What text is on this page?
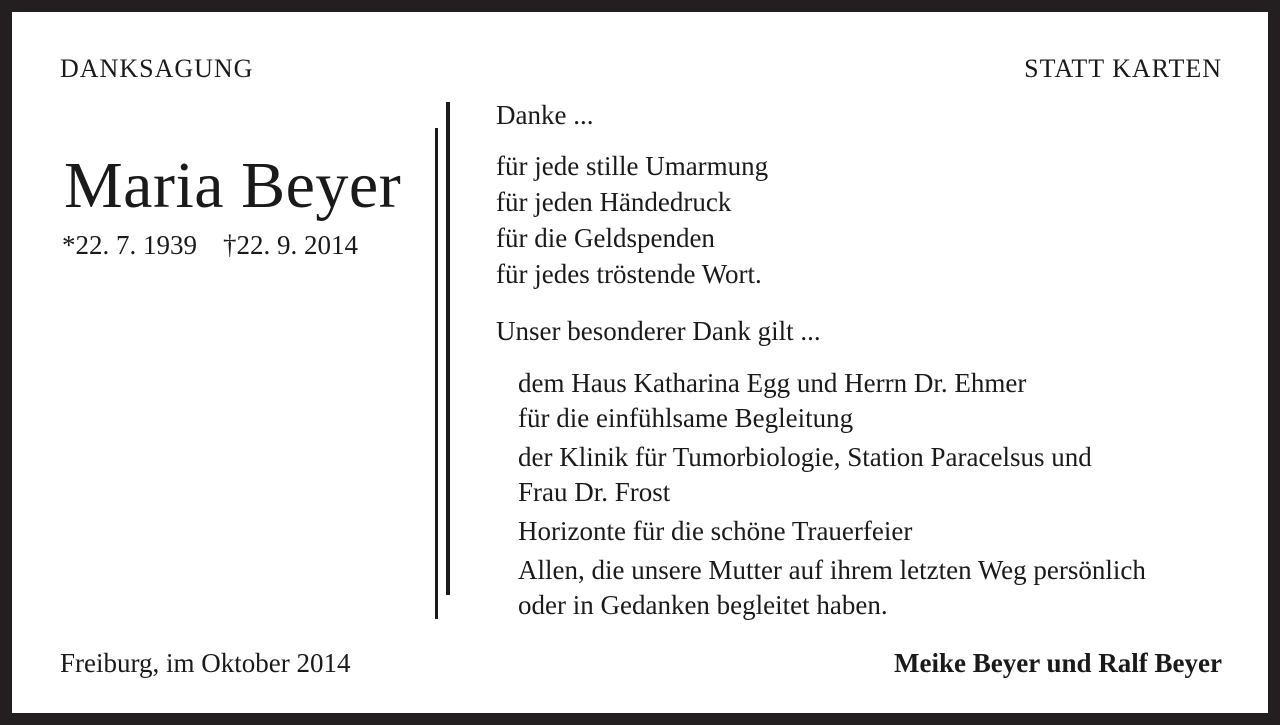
DANKSAGUNG	STATT KARTEN
Maria Beyer
*22. 7. 1939 †22. 9. 2014
Danke ...
für jede stille Umarmung
für jeden Händedruck
für die Geldspenden
für jedes tröstende Wort.
Unser besonderer Dank gilt ...
dem Haus Katharina Egg und Herrn Dr. Ehmer
für die einfühlsame Begleitung
der Klinik für Tumorbiologie, Station Paracelsus und
Frau Dr. Frost
Horizonte für die schöne Trauerfeier
Allen, die unsere Mutter auf ihrem letzten Weg persönlich
oder in Gedanken begleitet haben.
Freiburg, im Oktober 2014	Meike Beyer und Ralf Beyer
